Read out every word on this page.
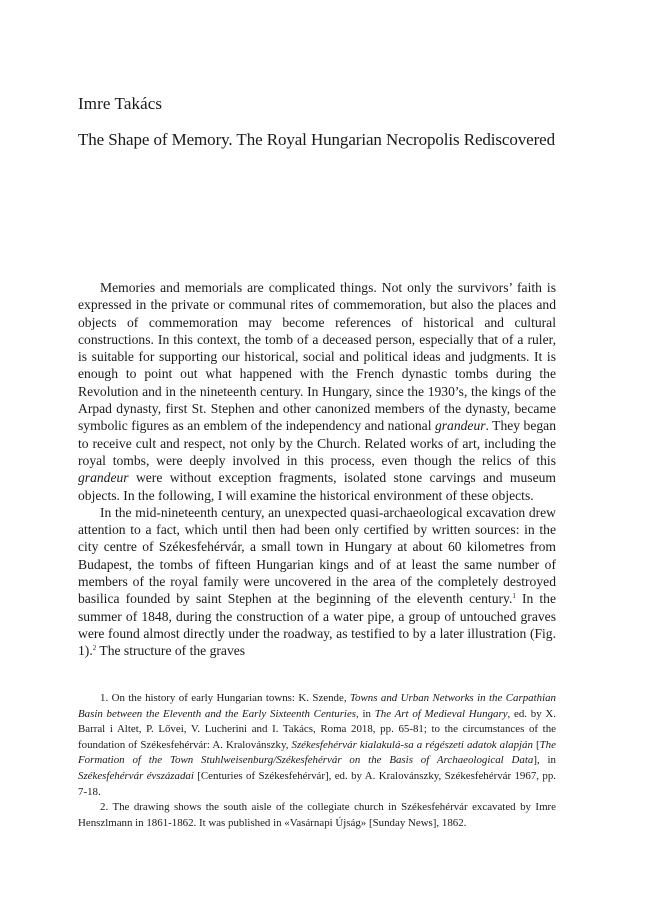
Imre Takács
The Shape of Memory. The Royal Hungarian Necropolis Rediscovered

Memories and memorials are complicated things. Not only the survivors’ faith is expressed in the private or communal rites of commemoration, but also the places and objects of commemoration may become references of historical and cultural constructions. In this context, the tomb of a deceased person, especially that of a ruler, is suitable for supporting our historical, social and political ideas and judgments. It is enough to point out what happened with the French dynastic tombs during the Revolution and in the nineteenth century. In Hungary, since the 1930’s, the kings of the Arpad dynasty, first St. Stephen and other canonized members of the dynasty, became symbolic figures as an emblem of the independency and national grandeur. They began to receive cult and respect, not only by the Church. Related works of art, including the royal tombs, were deeply involved in this process, even though the relics of this grandeur were without exception fragments, isolated stone carvings and museum objects. In the following, I will examine the historical environment of these objects.

In the mid-nineteenth century, an unexpected quasi-archaeological excavation drew attention to a fact, which until then had been only certified by written sources: in the city centre of Székesfehérvár, a small town in Hungary at about 60 kilometres from Budapest, the tombs of fifteen Hungarian kings and of at least the same number of members of the royal family were uncovered in the area of the completely destroyed basilica founded by saint Stephen at the beginning of the eleventh century.$^1$ In the summer of 1848, during the construction of a water pipe, a group of untouched graves were found almost directly under the roadway, as testified to by a later illustration (Fig. 1).$^2$ The structure of the graves

1. On the history of early Hungarian towns: K. Szende, Towns and Urban Networks in the Carpathian Basin between the Eleventh and the Early Sixteenth Centuries, in The Art of Medieval Hungary, ed. by X. Barral i Altet, P. Lővei, V. Lucherini and I. Takács, Roma 2018, pp. 65-81; to the circumstances of the foundation of Székesfehérvár: A. Kralovánszky, Székesfehérvár kialakulá-sa a régészeti adatok alapján [The Formation of the Town Stuhlweisenburg/Székesfehérvár on the Basis of Archaeological Data], in Székesfehérvár évszázadai [Centuries of Székesfehérvár], ed. by A. Kralovánszky, Székesfehérvár 1967, pp. 7-18.

2. The drawing shows the south aisle of the collegiate church in Székesfehérvár excavated by Imre Henszlmann in 1861-1862. It was published in «Vasárnapi Újság» [Sunday News], 1862.
